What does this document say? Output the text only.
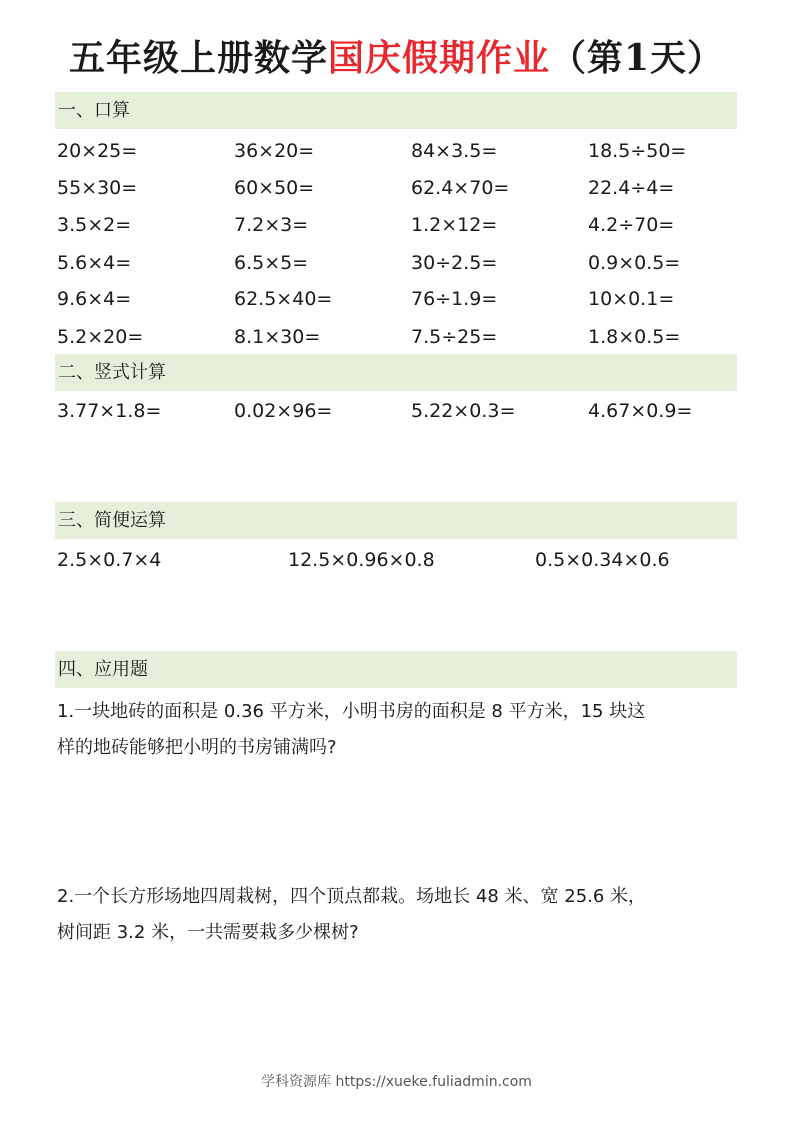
五年级上册数学国庆假期作业（第1天）
一、口算
20×25=	36×20=	84×3.5=	18.5÷50=
55×30=	60×50=	62.4×70=	22.4÷4=
3.5×2=	7.2×3=	1.2×12=	4.2÷70=
5.6×4=	6.5×5=	30÷2.5=	0.9×0.5=
9.6×4=	62.5×40=	76÷1.9=	10×0.1=
5.2×20=	8.1×30=	7.5÷25=	1.8×0.5=
二、竖式计算
3.77×1.8=	0.02×96=	5.22×0.3=	4.67×0.9=
三、简便运算
2.5×0.7×4	12.5×0.96×0.8	0.5×0.34×0.6
四、应用题
1.一块地砖的面积是 0.36 平方米，小明书房的面积是 8 平方米，15 块这
样的地砖能够把小明的书房铺满吗?
2.一个长方形场地四周栽树，四个顶点都栽。场地长 48 米、宽 25.6 米，
树间距 3.2 米，一共需要栽多少棵树?
学科资源库 https://xueke.fuliadmin.com
